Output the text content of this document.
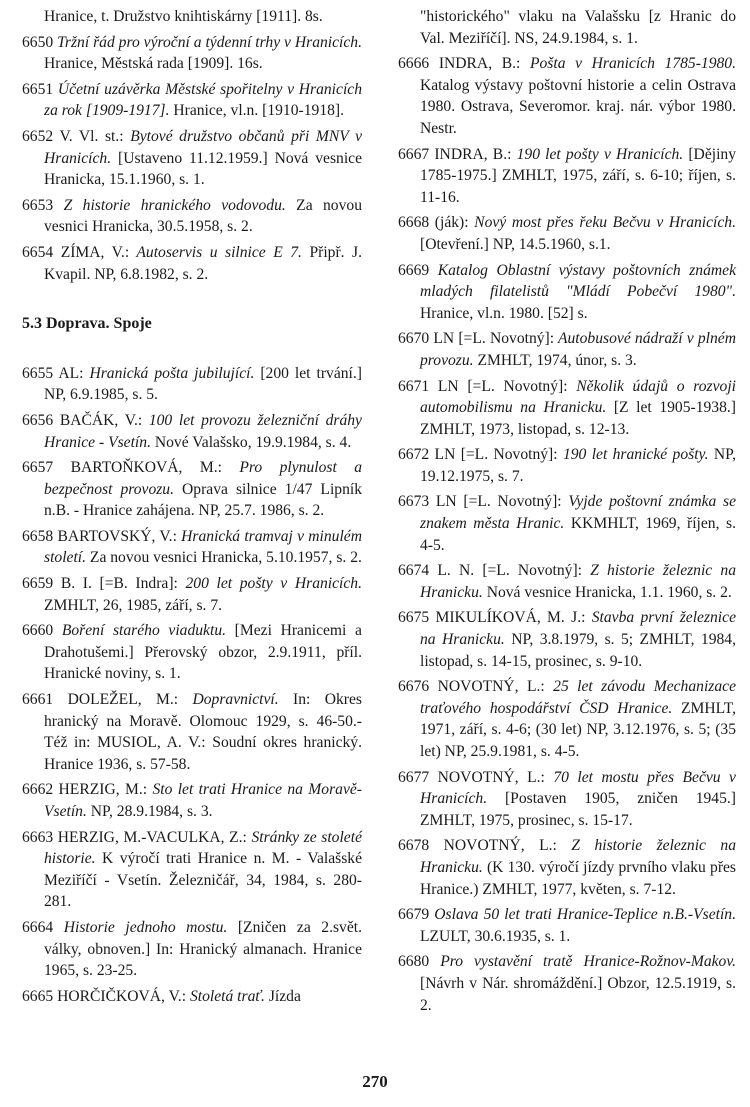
Hranice, t. Družstvo knihtiskárny [1911]. 8s.
6650 Tržní řád pro výroční a týdenní trhy v Hranicích. Hranice, Městská rada [1909]. 16s.
6651 Účetní uzávěrka Městské spořitelny v Hranicích za rok [1909-1917]. Hranice, vl.n. [1910-1918].
6652 V. Vl. st.: Bytové družstvo občanů při MNV v Hranicích. [Ustaveno 11.12.1959.] Nová vesnice Hranicka, 15.1.1960, s. 1.
6653 Z historie hranického vodovodu. Za novou vesnici Hranicka, 30.5.1958, s. 2.
6654 ZÍMA, V.: Autoservis u silnice E 7. Připř. J. Kvapil. NP, 6.8.1982, s. 2.
5.3 Doprava. Spoje
6655 AL: Hranická pošta jubilující. [200 let trvání.] NP, 6.9.1985, s. 5.
6656 BAČÁK, V.: 100 let provozu železniční dráhy Hranice - Vsetín. Nové Valašsko, 19.9.1984, s. 4.
6657 BARTOŇKOVÁ, M.: Pro plynulost a bezpečnost provozu. Oprava silnice 1/47 Lipník n.B. - Hranice zahájena. NP, 25.7. 1986, s. 2.
6658 BARTOVSKÝ, V.: Hranická tramvaj v minulém století. Za novou vesnici Hranicka, 5.10.1957, s. 2.
6659 B. I. [=B. Indra]: 200 let pošty v Hranicích. ZMHLT, 26, 1985, září, s. 7.
6660 Boření starého viaduktu. [Mezi Hranicemi a Drahotušemi.] Přerovský obzor, 2.9.1911, příl. Hranické noviny, s. 1.
6661 DOLEŽEL, M.: Dopravnictví. In: Okres hranický na Moravě. Olomouc 1929, s. 46-50.- Též in: MUSIOL, A. V.: Soudní okres hranický. Hranice 1936, s. 57-58.
6662 HERZIG, M.: Sto let trati Hranice na Moravě-Vsetín. NP, 28.9.1984, s. 3.
6663 HERZIG, M.-VACULKA, Z.: Stránky ze stoleté historie. K výročí trati Hranice n. M. - Valašské Meziříčí - Vsetín. Železničář, 34, 1984, s. 280-281.
6664 Historie jednoho mostu. [Zničen za 2.svět. války, obnoven.] In: Hranický almanach. Hranice 1965, s. 23-25.
6665 HORČIČKOVÁ, V.: Stoletá trať. Jízda
"historického" vlaku na Valašsku [z Hranic do Val. Meziříčí]. NS, 24.9.1984, s. 1.
6666 INDRA, B.: Pošta v Hranicích 1785-1980. Katalog výstavy poštovní historie a celin Ostrava 1980. Ostrava, Severomor. kraj. nár. výbor 1980. Nestr.
6667 INDRA, B.: 190 let pošty v Hranicích. [Dějiny 1785-1975.] ZMHLT, 1975, září, s. 6-10; říjen, s. 11-16.
6668 (ják): Nový most přes řeku Bečvu v Hranicích. [Otevření.] NP, 14.5.1960, s.1.
6669 Katalog Oblastní výstavy poštovních známek mladých filatelistů "Mládí Pobečví 1980". Hranice, vl.n. 1980. [52] s.
6670 LN [=L. Novotný]: Autobusové nádraží v plném provozu. ZMHLT, 1974, únor, s. 3.
6671 LN [=L. Novotný]: Několik údajů o rozvoji automobilismu na Hranicku. [Z let 1905-1938.] ZMHLT, 1973, listopad, s. 12-13.
6672 LN [=L. Novotný]: 190 let hranické pošty. NP, 19.12.1975, s. 7.
6673 LN [=L. Novotný]: Vyjde poštovní známka se znakem města Hranic. KKMHLT, 1969, říjen, s. 4-5.
6674 L. N. [=L. Novotný]: Z historie železnic na Hranicku. Nová vesnice Hranicka, 1.1. 1960, s. 2.
6675 MIKULÍKOVÁ, M. J.: Stavba první železnice na Hranicku. NP, 3.8.1979, s. 5; ZMHLT, 1984, listopad, s. 14-15, prosinec, s. 9-10.
6676 NOVOTNÝ, L.: 25 let závodu Mechanizace traťového hospodářství ČSD Hranice. ZMHLT, 1971, září, s. 4-6; (30 let) NP, 3.12.1976, s. 5; (35 let) NP, 25.9.1981, s. 4-5.
6677 NOVOTNÝ, L.: 70 let mostu přes Bečvu v Hranicích. [Postaven 1905, zničen 1945.] ZMHLT, 1975, prosinec, s. 15-17.
6678 NOVOTNÝ, L.: Z historie železnic na Hranicku. (K 130. výročí jízdy prvního vlaku přes Hranice.) ZMHLT, 1977, květen, s. 7-12.
6679 Oslava 50 let trati Hranice-Teplice n.B.-Vsetín. LZULT, 30.6.1935, s. 1.
6680 Pro vystavění tratě Hranice-Rožnov-Makov. [Návrh v Nár. shromáždění.] Obzor, 12.5.1919, s. 2.
270
